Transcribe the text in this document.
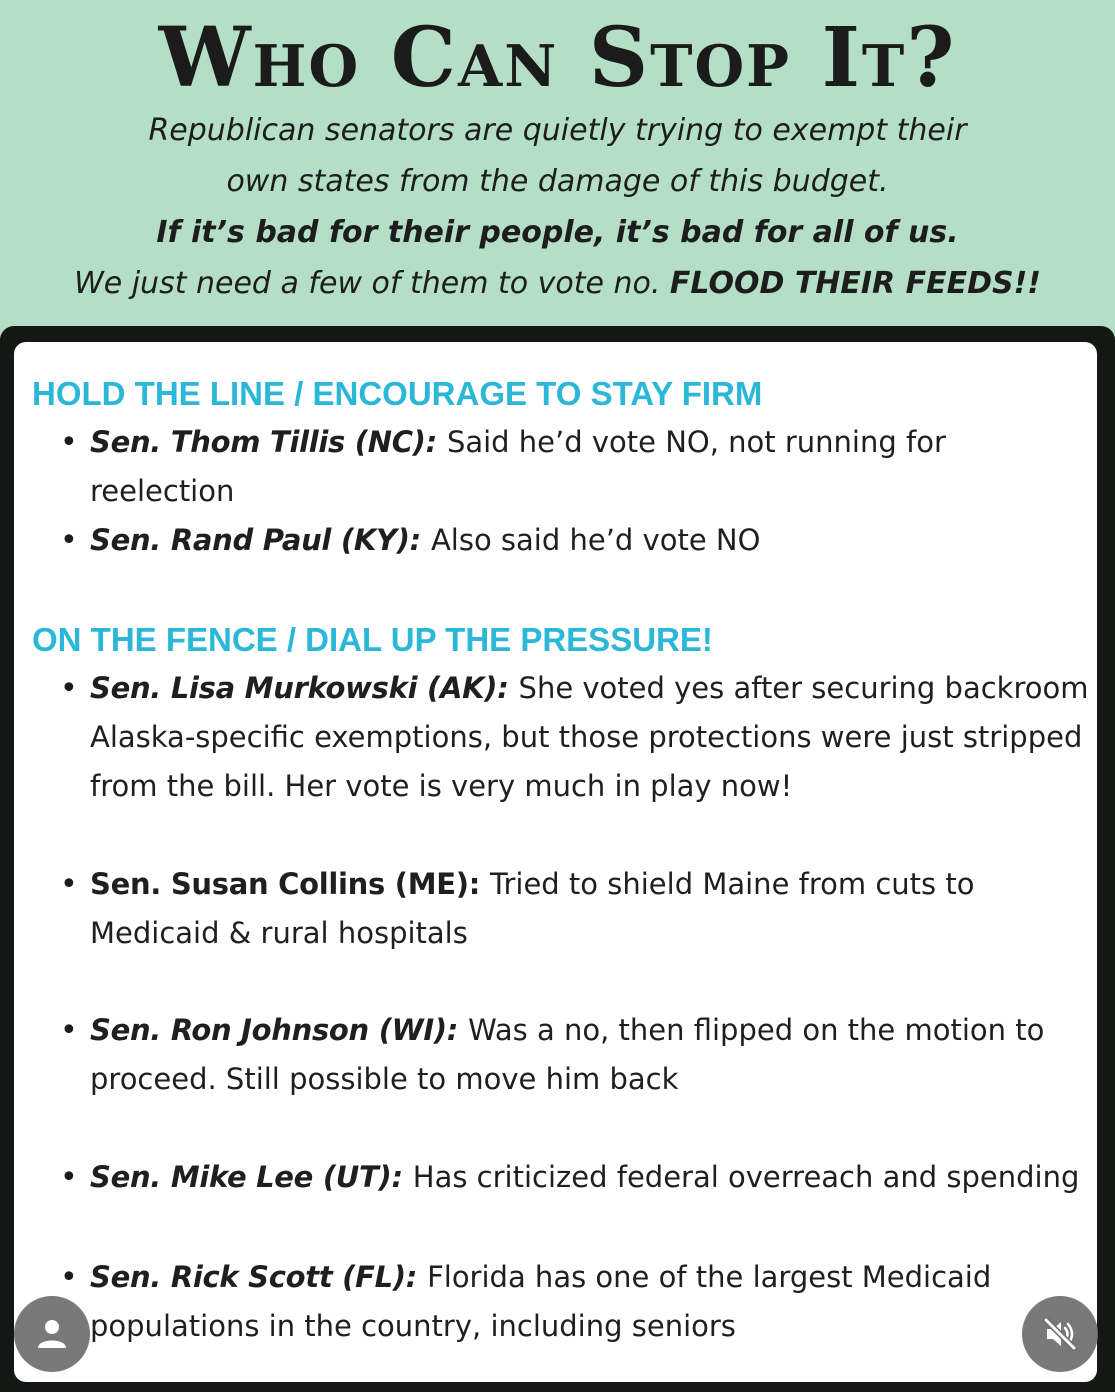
Who Can Stop It?
Republican senators are quietly trying to exempt their
own states from the damage of this budget.
If it’s bad for their people, it’s bad for all of us.
We just need a few of them to vote no. FLOOD THEIR FEEDS!!
HOLD THE LINE / ENCOURAGE TO STAY FIRM
• Sen. Thom Tillis (NC): Said he’d vote NO, not running for reelection
• Sen. Rand Paul (KY): Also said he’d vote NO
ON THE FENCE / DIAL UP THE PRESSURE!
• Sen. Lisa Murkowski (AK): She voted yes after securing backroom Alaska-specific exemptions, but those protections were just stripped from the bill. Her vote is very much in play now!
• Sen. Susan Collins (ME): Tried to shield Maine from cuts to Medicaid & rural hospitals
• Sen. Ron Johnson (WI): Was a no, then flipped on the motion to proceed. Still possible to move him back
• Sen. Mike Lee (UT): Has criticized federal overreach and spending
• Sen. Rick Scott (FL): Florida has one of the largest Medicaid populations in the country, including seniors
